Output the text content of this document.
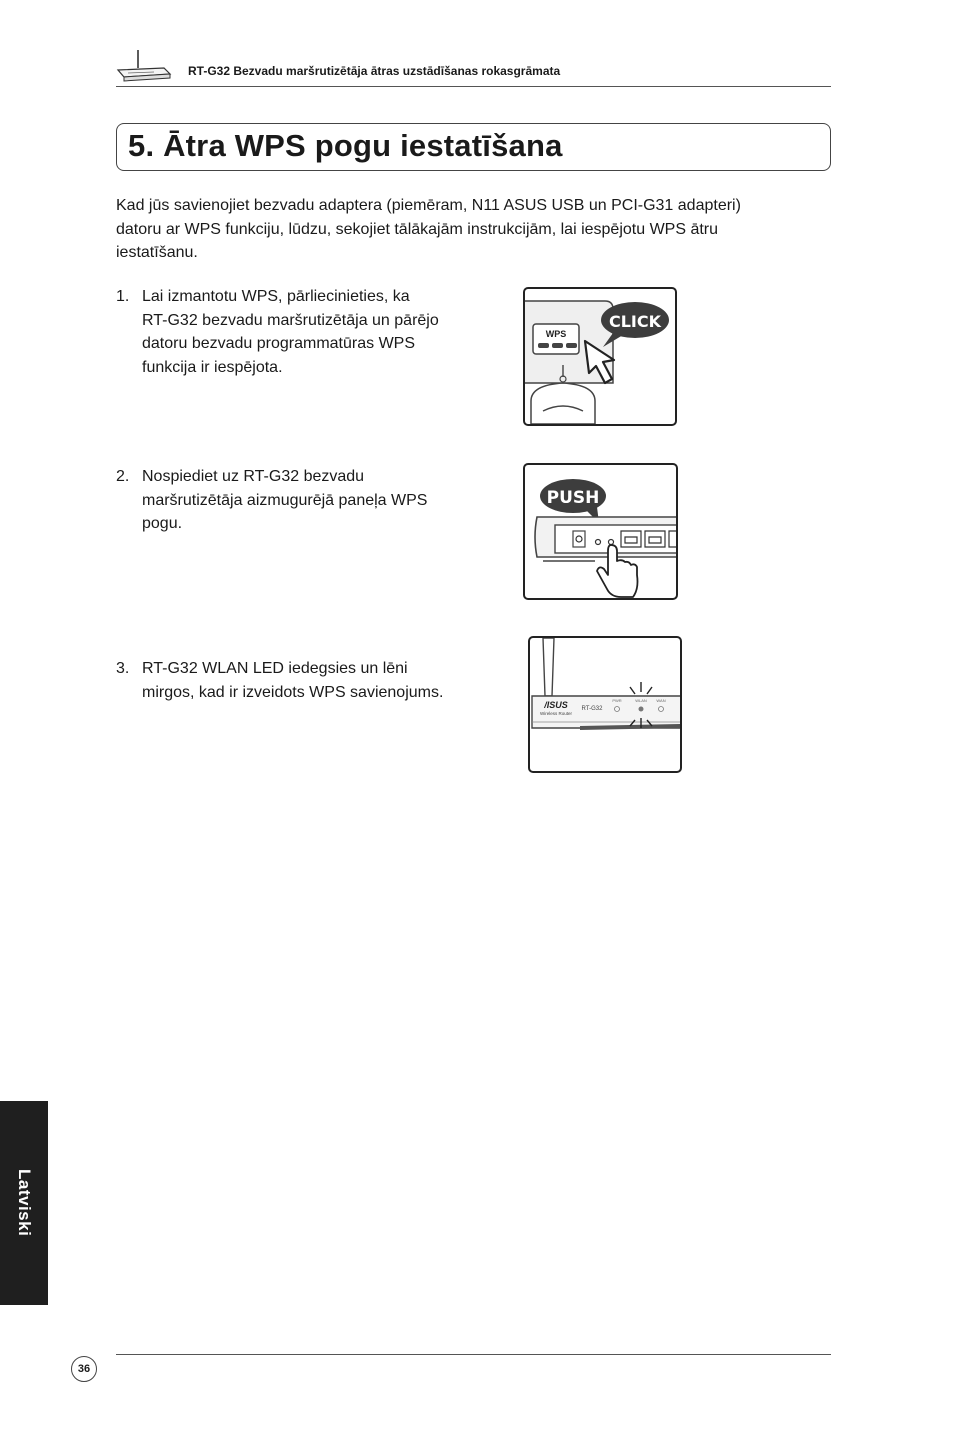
RT-G32 Bezvadu maršrutizētāja ātras uzstādīšanas rokasgrāmata
5. Ātra WPS pogu iestatīšana
Kad jūs savienojiet bezvadu adaptera (piemēram, N11 ASUS USB un PCI-G31 adapteri)
datoru ar WPS funkciju, lūdzu, sekojiet tālākajām instrukcijām, lai iespējotu WPS ātru
iestatīšanu.
1. Lai izmantotu WPS, pārliecinieties, ka
RT-G32 bezvadu maršrutizētāja un pārējo
datoru bezvadu programmatūras WPS
funkcija ir iespējota.
WPS
CLICK
2. Nospiediet uz RT-G32 bezvadu
maršrutizētāja aizmugurējā paneļa WPS
pogu.
PUSH
3. RT-G32 WLAN LED iedegsies un lēni
mirgos, kad ir izveidots WPS savienojums.
/ISUS
Wireless Router
RT-G32
PWR	WLAN WAN
Latviski
36
